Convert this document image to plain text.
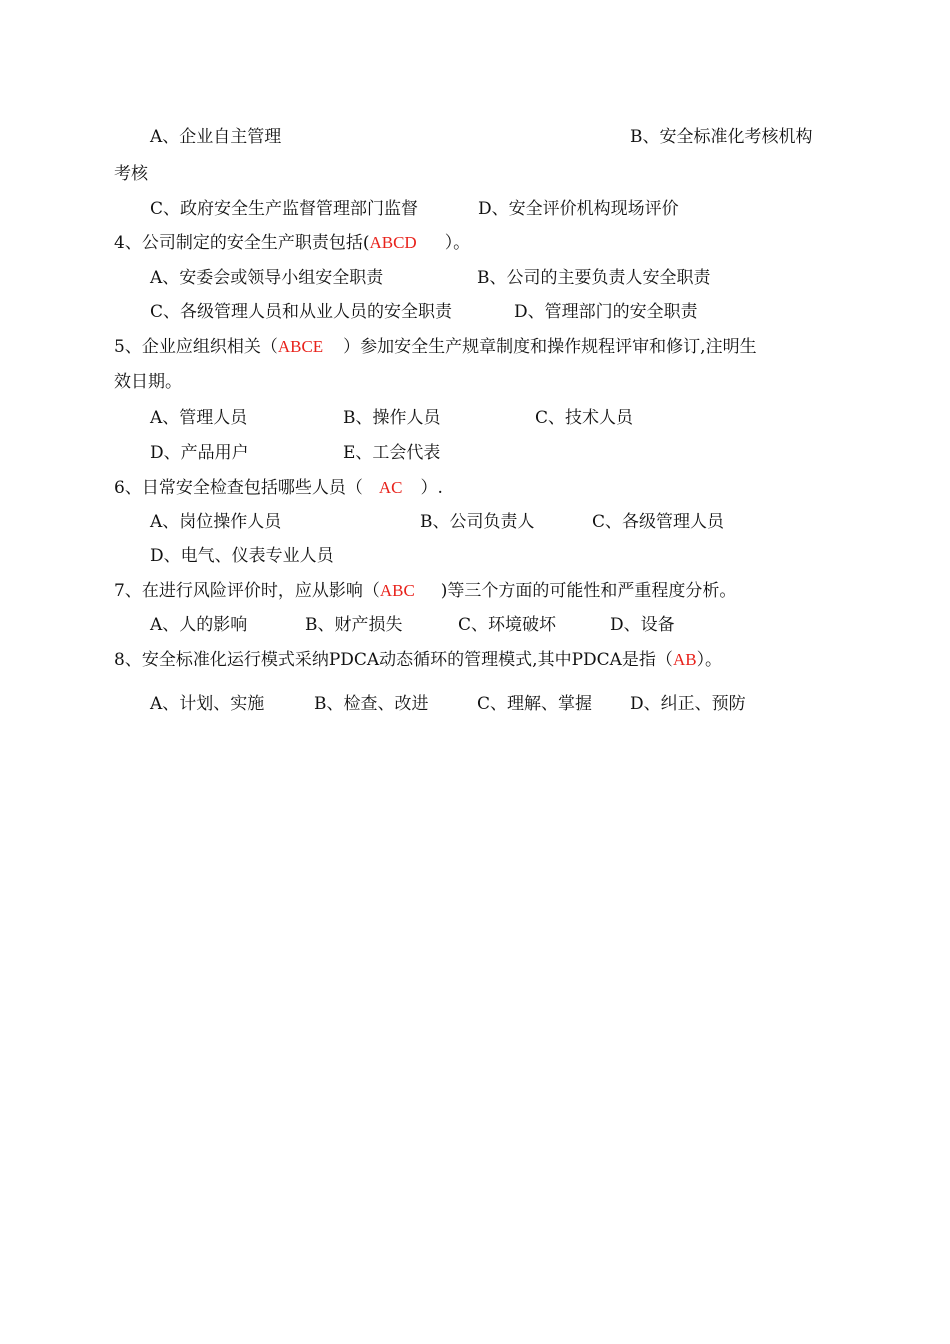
A、企业自主管理	B、安全标准化考核机构
考核
C、政府安全生产监督管理部门监督	D、安全评价机构现场评价
4、公司制定的安全生产职责包括(ABCD ）。
A、安委会或领导小组安全职责	B、公司的主要负责人安全职责
C、各级管理人员和从业人员的安全职责	D、管理部门的安全职责
5、企业应组织相关（ABCE ）参加安全生产规章制度和操作规程评审和修订,注明生
效日期。
A、管理人员	B、操作人员	C、技术人员
D、产品用户	E、工会代表
6、日常安全检查包括哪些人员（ AC ）.
A、岗位操作人员	B、公司负责人	C、各级管理人员
D、电气、仪表专业人员
7、在进行风险评价时，应从影响（ABC )等三个方面的可能性和严重程度分析。
A、人的影响	B、财产损失	C、环境破坏	D、设备
8、安全标准化运行模式采纳PDCA动态循环的管理模式,其中PDCA是指（AB）。
A、计划、实施	B、检查、改进	C、理解、掌握 D、纠正、预防
